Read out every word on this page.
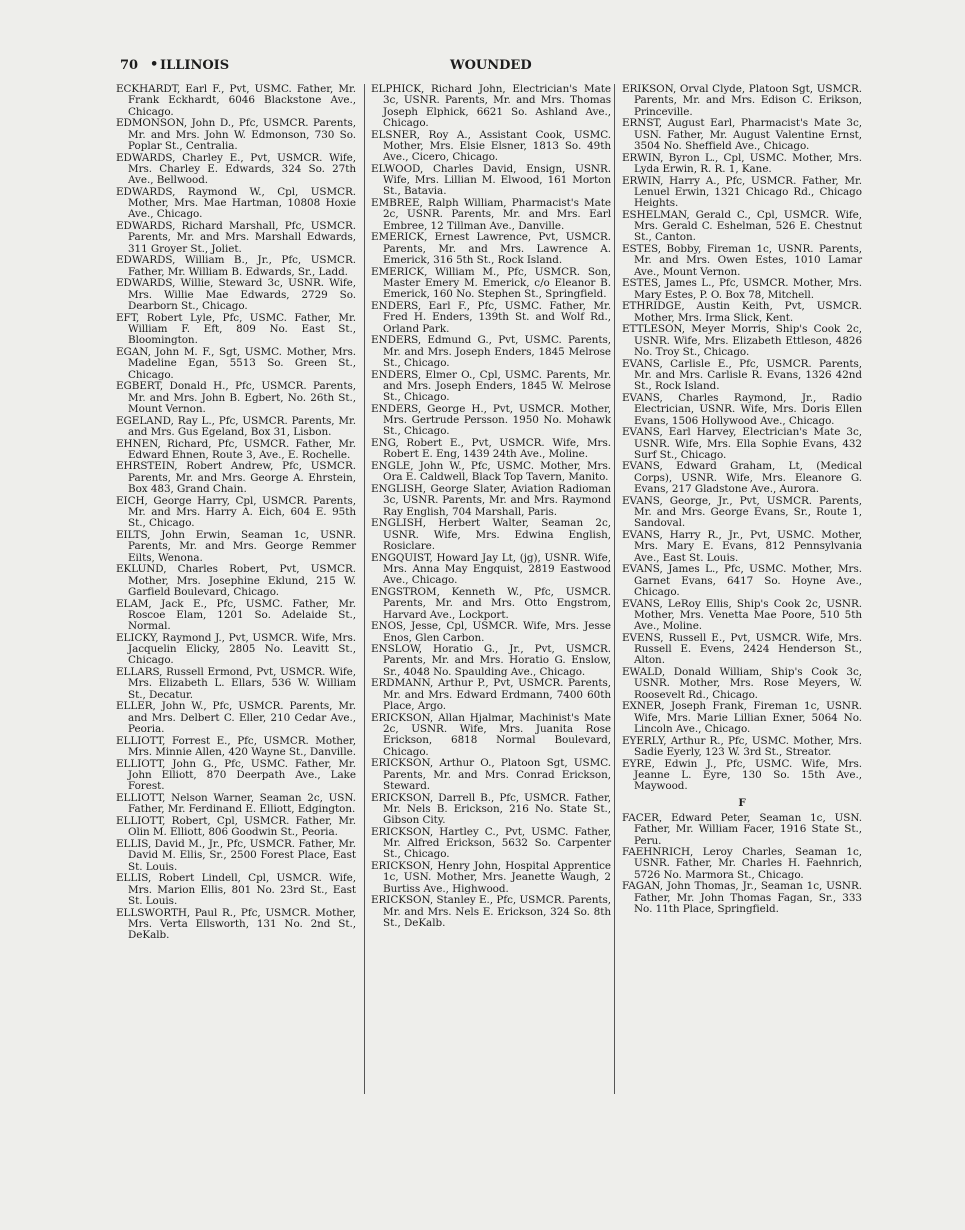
70 • ILLINOIS	WOUNDED
ECKHARDT, Earl F., Pvt, USMC. Father, Mr. Frank Eckhardt, 6046 Blackstone Ave., Chicago.
EDMONSON, John D., Pfc, USMCR. Parents, Mr. and Mrs. John W. Edmonson, 730 So. Poplar St., Centralia.
EDWARDS, Charley E., Pvt, USMCR. Wife, Mrs. Charley E. Edwards, 324 So. 27th Ave., Bellwood.
EDWARDS, Raymond W., Cpl, USMCR. Mother, Mrs. Mae Hartman, 10808 Hoxie Ave., Chicago.
EDWARDS, Richard Marshall, Pfc, USMCR. Parents, Mr. and Mrs. Marshall Edwards, 311 Groyer St., Joliet.
EDWARDS, William B., Jr., Pfc, USMCR. Father, Mr. William B. Edwards, Sr., Ladd.
EDWARDS, Willie, Steward 3c, USNR. Wife, Mrs. Willie Mae Edwards, 2729 So. Dearborn St., Chicago.
EFT, Robert Lyle, Pfc, USMC. Father, Mr. William F. Eft, 809 No. East St., Bloomington.
EGAN, John M. F., Sgt, USMC. Mother, Mrs. Madeline Egan, 5513 So. Green St., Chicago.
EGBERT, Donald H., Pfc, USMCR. Parents, Mr. and Mrs. John B. Egbert, No. 26th St., Mount Vernon.
EGELAND, Ray L., Pfc, USMCR. Parents, Mr. and Mrs. Gus Egeland, Box 31, Lisbon.
EHNEN, Richard, Pfc, USMCR. Father, Mr. Edward Ehnen, Route 3, Ave., E. Rochelle.
EHRSTEIN, Robert Andrew, Pfc, USMCR. Parents, Mr. and Mrs. George A. Ehrstein, Box 483, Grand Chain.
EICH, George Harry, Cpl, USMCR. Parents, Mr. and Mrs. Harry A. Eich, 604 E. 95th St., Chicago.
EILTS, John Erwin, Seaman 1c, USNR. Parents, Mr. and Mrs. George Remmer Eilts, Wenona.
EKLUND, Charles Robert, Pvt, USMCR. Mother, Mrs. Josephine Eklund, 215 W. Garfield Boulevard, Chicago.
ELAM, Jack E., Pfc, USMC. Father, Mr. Roscoe Elam, 1201 So. Adelaide St., Normal.
ELICKY, Raymond J., Pvt, USMCR. Wife, Mrs. Jacquelin Elicky, 2805 No. Leavitt St., Chicago.
ELLARS, Russell Ermond, Pvt, USMCR. Wife, Mrs. Elizabeth L. Ellars, 536 W. William St., Decatur.
ELLER, John W., Pfc, USMCR. Parents, Mr. and Mrs. Delbert C. Eller, 210 Cedar Ave., Peoria.
ELLIOTT, Forrest E., Pfc, USMCR. Mother, Mrs. Minnie Allen, 420 Wayne St., Danville.
ELLIOTT, John G., Pfc, USMC. Father, Mr. John Elliott, 870 Deerpath Ave., Lake Forest.
ELLIOTT, Nelson Warner, Seaman 2c, USN. Father, Mr. Ferdinand E. Elliott, Edgington.
ELLIOTT, Robert, Cpl, USMCR. Father, Mr. Olin M. Elliott, 806 Goodwin St., Peoria.
ELLIS, David M., Jr., Pfc, USMCR. Father, Mr. David M. Ellis, Sr., 2500 Forest Place, East St. Louis.
ELLIS, Robert Lindell, Cpl, USMCR. Wife, Mrs. Marion Ellis, 801 No. 23rd St., East St. Louis.
ELLSWORTH, Paul R., Pfc, USMCR. Mother, Mrs. Verta Ellsworth, 131 No. 2nd St., DeKalb.
ELPHICK, Richard John, Electrician's Mate 3c, USNR. Parents, Mr. and Mrs. Thomas Joseph Elphick, 6621 So. Ashland Ave., Chicago.
ELSNER, Roy A., Assistant Cook, USMC. Mother, Mrs. Elsie Elsner, 1813 So. 49th Ave., Cicero, Chicago.
ELWOOD, Charles David, Ensign, USNR. Wife, Mrs. Lillian M. Elwood, 161 Morton St., Batavia.
EMBREE, Ralph William, Pharmacist's Mate 2c, USNR. Parents, Mr. and Mrs. Earl Embree, 12 Tillman Ave., Danville.
EMERICK, Ernest Lawrence, Pvt, USMCR. Parents, Mr. and Mrs. Lawrence A. Emerick, 316 5th St., Rock Island.
EMERICK, William M., Pfc, USMCR. Son, Master Emery M. Emerick, c/o Eleanor B. Emerick, 160 No. Stephen St., Springfield.
ENDERS, Earl F., Pfc, USMC. Father, Mr. Fred H. Enders, 139th St. and Wolf Rd., Orland Park.
ENDERS, Edmund G., Pvt, USMC. Parents, Mr. and Mrs. Joseph Enders, 1845 Melrose St., Chicago.
ENDERS, Elmer O., Cpl, USMC. Parents, Mr. and Mrs. Joseph Enders, 1845 W. Melrose St., Chicago.
ENDERS, George H., Pvt, USMCR. Mother, Mrs. Gertrude Persson. 1950 No. Mohawk St., Chicago.
ENG, Robert E., Pvt, USMCR. Wife, Mrs. Robert E. Eng, 1439 24th Ave., Moline.
ENGLE, John W., Pfc, USMC. Mother, Mrs. Ora E. Caldwell, Black Top Tavern, Manito.
ENGLISH, George Slater, Aviation Radioman 3c, USNR. Parents, Mr. and Mrs. Raymond Ray English, 704 Marshall, Paris.
ENGLISH, Herbert Walter, Seaman 2c, USNR. Wife, Mrs. Edwina English, Rosiclare.
ENGQUIST, Howard Jay Lt, (jg), USNR. Wife, Mrs. Anna May Engquist, 2819 Eastwood Ave., Chicago.
ENGSTROM, Kenneth W., Pfc, USMCR. Parents, Mr. and Mrs. Otto Engstrom, Harvard Ave., Lockport.
ENOS, Jesse, Cpl, USMCR. Wife, Mrs. Jesse Enos, Glen Carbon.
ENSLOW, Horatio G., Jr., Pvt, USMCR. Parents, Mr. and Mrs. Horatio G. Enslow, Sr., 4048 No. Spaulding Ave., Chicago.
ERDMANN, Arthur P., Pvt, USMCR. Parents, Mr. and Mrs. Edward Erdmann, 7400 60th Place, Argo.
ERICKSON, Allan Hjalmar, Machinist's Mate 2c, USNR. Wife, Mrs. Juanita Rose Erickson, 6818 Normal Boulevard, Chicago.
ERICKSON, Arthur O., Platoon Sgt, USMC. Parents, Mr. and Mrs. Conrad Erickson, Steward.
ERICKSON, Darrell B., Pfc, USMCR. Father, Mr. Nels B. Erickson, 216 No. State St., Gibson City.
ERICKSON, Hartley C., Pvt, USMC. Father, Mr. Alfred Erickson, 5632 So. Carpenter St., Chicago.
ERICKSON, Henry John, Hospital Apprentice 1c, USN. Mother, Mrs. Jeanette Waugh, 2 Burtiss Ave., Highwood.
ERICKSON, Stanley E., Pfc, USMCR. Parents, Mr. and Mrs. Nels E. Erickson, 324 So. 8th St., DeKalb.
ERIKSON, Orval Clyde, Platoon Sgt, USMCR. Parents, Mr. and Mrs. Edison C. Erikson, Princeville.
ERNST, August Earl, Pharmacist's Mate 3c, USN. Father, Mr. August Valentine Ernst, 3504 No. Sheffield Ave., Chicago.
ERWIN, Byron L., Cpl, USMC. Mother, Mrs. Lyda Erwin, R. R. 1, Kane.
ERWIN, Harry A., Pfc, USMCR. Father, Mr. Lenuel Erwin, 1321 Chicago Rd., Chicago Heights.
ESHELMAN, Gerald C., Cpl, USMCR. Wife, Mrs. Gerald C. Eshelman, 526 E. Chestnut St., Canton.
ESTES, Bobby, Fireman 1c, USNR. Parents, Mr. and Mrs. Owen Estes, 1010 Lamar Ave., Mount Vernon.
ESTES, James L., Pfc, USMCR. Mother, Mrs. Mary Estes, P. O. Box 78, Mitchell.
ETHRIDGE, Austin Keith, Pvt, USMCR. Mother, Mrs. Irma Slick, Kent.
ETTLESON, Meyer Morris, Ship's Cook 2c, USNR. Wife, Mrs. Elizabeth Ettleson, 4826 No. Troy St., Chicago.
EVANS, Carlisle E., Pfc, USMCR. Parents, Mr. and Mrs. Carlisle R. Evans, 1326 42nd St., Rock Island.
EVANS, Charles Raymond, Jr., Radio Electrician, USNR. Wife, Mrs. Doris Ellen Evans, 1506 Hollywood Ave., Chicago.
EVANS, Earl Harvey, Electrician's Mate 3c, USNR. Wife, Mrs. Ella Sophie Evans, 432 Surf St., Chicago.
EVANS, Edward Graham, Lt, (Medical Corps), USNR. Wife, Mrs. Eleanore G. Evans, 217 Gladstone Ave., Aurora.
EVANS, George, Jr., Pvt, USMCR. Parents, Mr. and Mrs. George Evans, Sr., Route 1, Sandoval.
EVANS, Harry R., Jr., Pvt, USMC. Mother, Mrs. Mary E. Evans, 812 Pennsylvania Ave., East St. Louis.
EVANS, James L., Pfc, USMC. Mother, Mrs. Garnet Evans, 6417 So. Hoyne Ave., Chicago.
EVANS, LeRoy Ellis, Ship's Cook 2c, USNR. Mother, Mrs. Venetta Mae Poore, 510 5th Ave., Moline.
EVENS, Russell E., Pvt, USMCR. Wife, Mrs. Russell E. Evens, 2424 Henderson St., Alton.
EWALD, Donald William, Ship's Cook 3c, USNR. Mother, Mrs. Rose Meyers, W. Roosevelt Rd., Chicago.
EXNER, Joseph Frank, Fireman 1c, USNR. Wife, Mrs. Marie Lillian Exner, 5064 No. Lincoln Ave., Chicago.
EYERLY, Arthur R., Pfc, USMC. Mother, Mrs. Sadie Eyerly, 123 W. 3rd St., Streator.
EYRE, Edwin J., Pfc, USMC. Wife, Mrs. Jeanne L. Eyre, 130 So. 15th Ave., Maywood.
F
FACER, Edward Peter, Seaman 1c, USN. Father, Mr. William Facer, 1916 State St., Peru.
FAEHNRICH, Leroy Charles, Seaman 1c, USNR. Father, Mr. Charles H. Faehnrich, 5726 No. Marmora St., Chicago.
FAGAN, John Thomas, Jr., Seaman 1c, USNR. Father, Mr. John Thomas Fagan, Sr., 333 No. 11th Place, Springfield.
